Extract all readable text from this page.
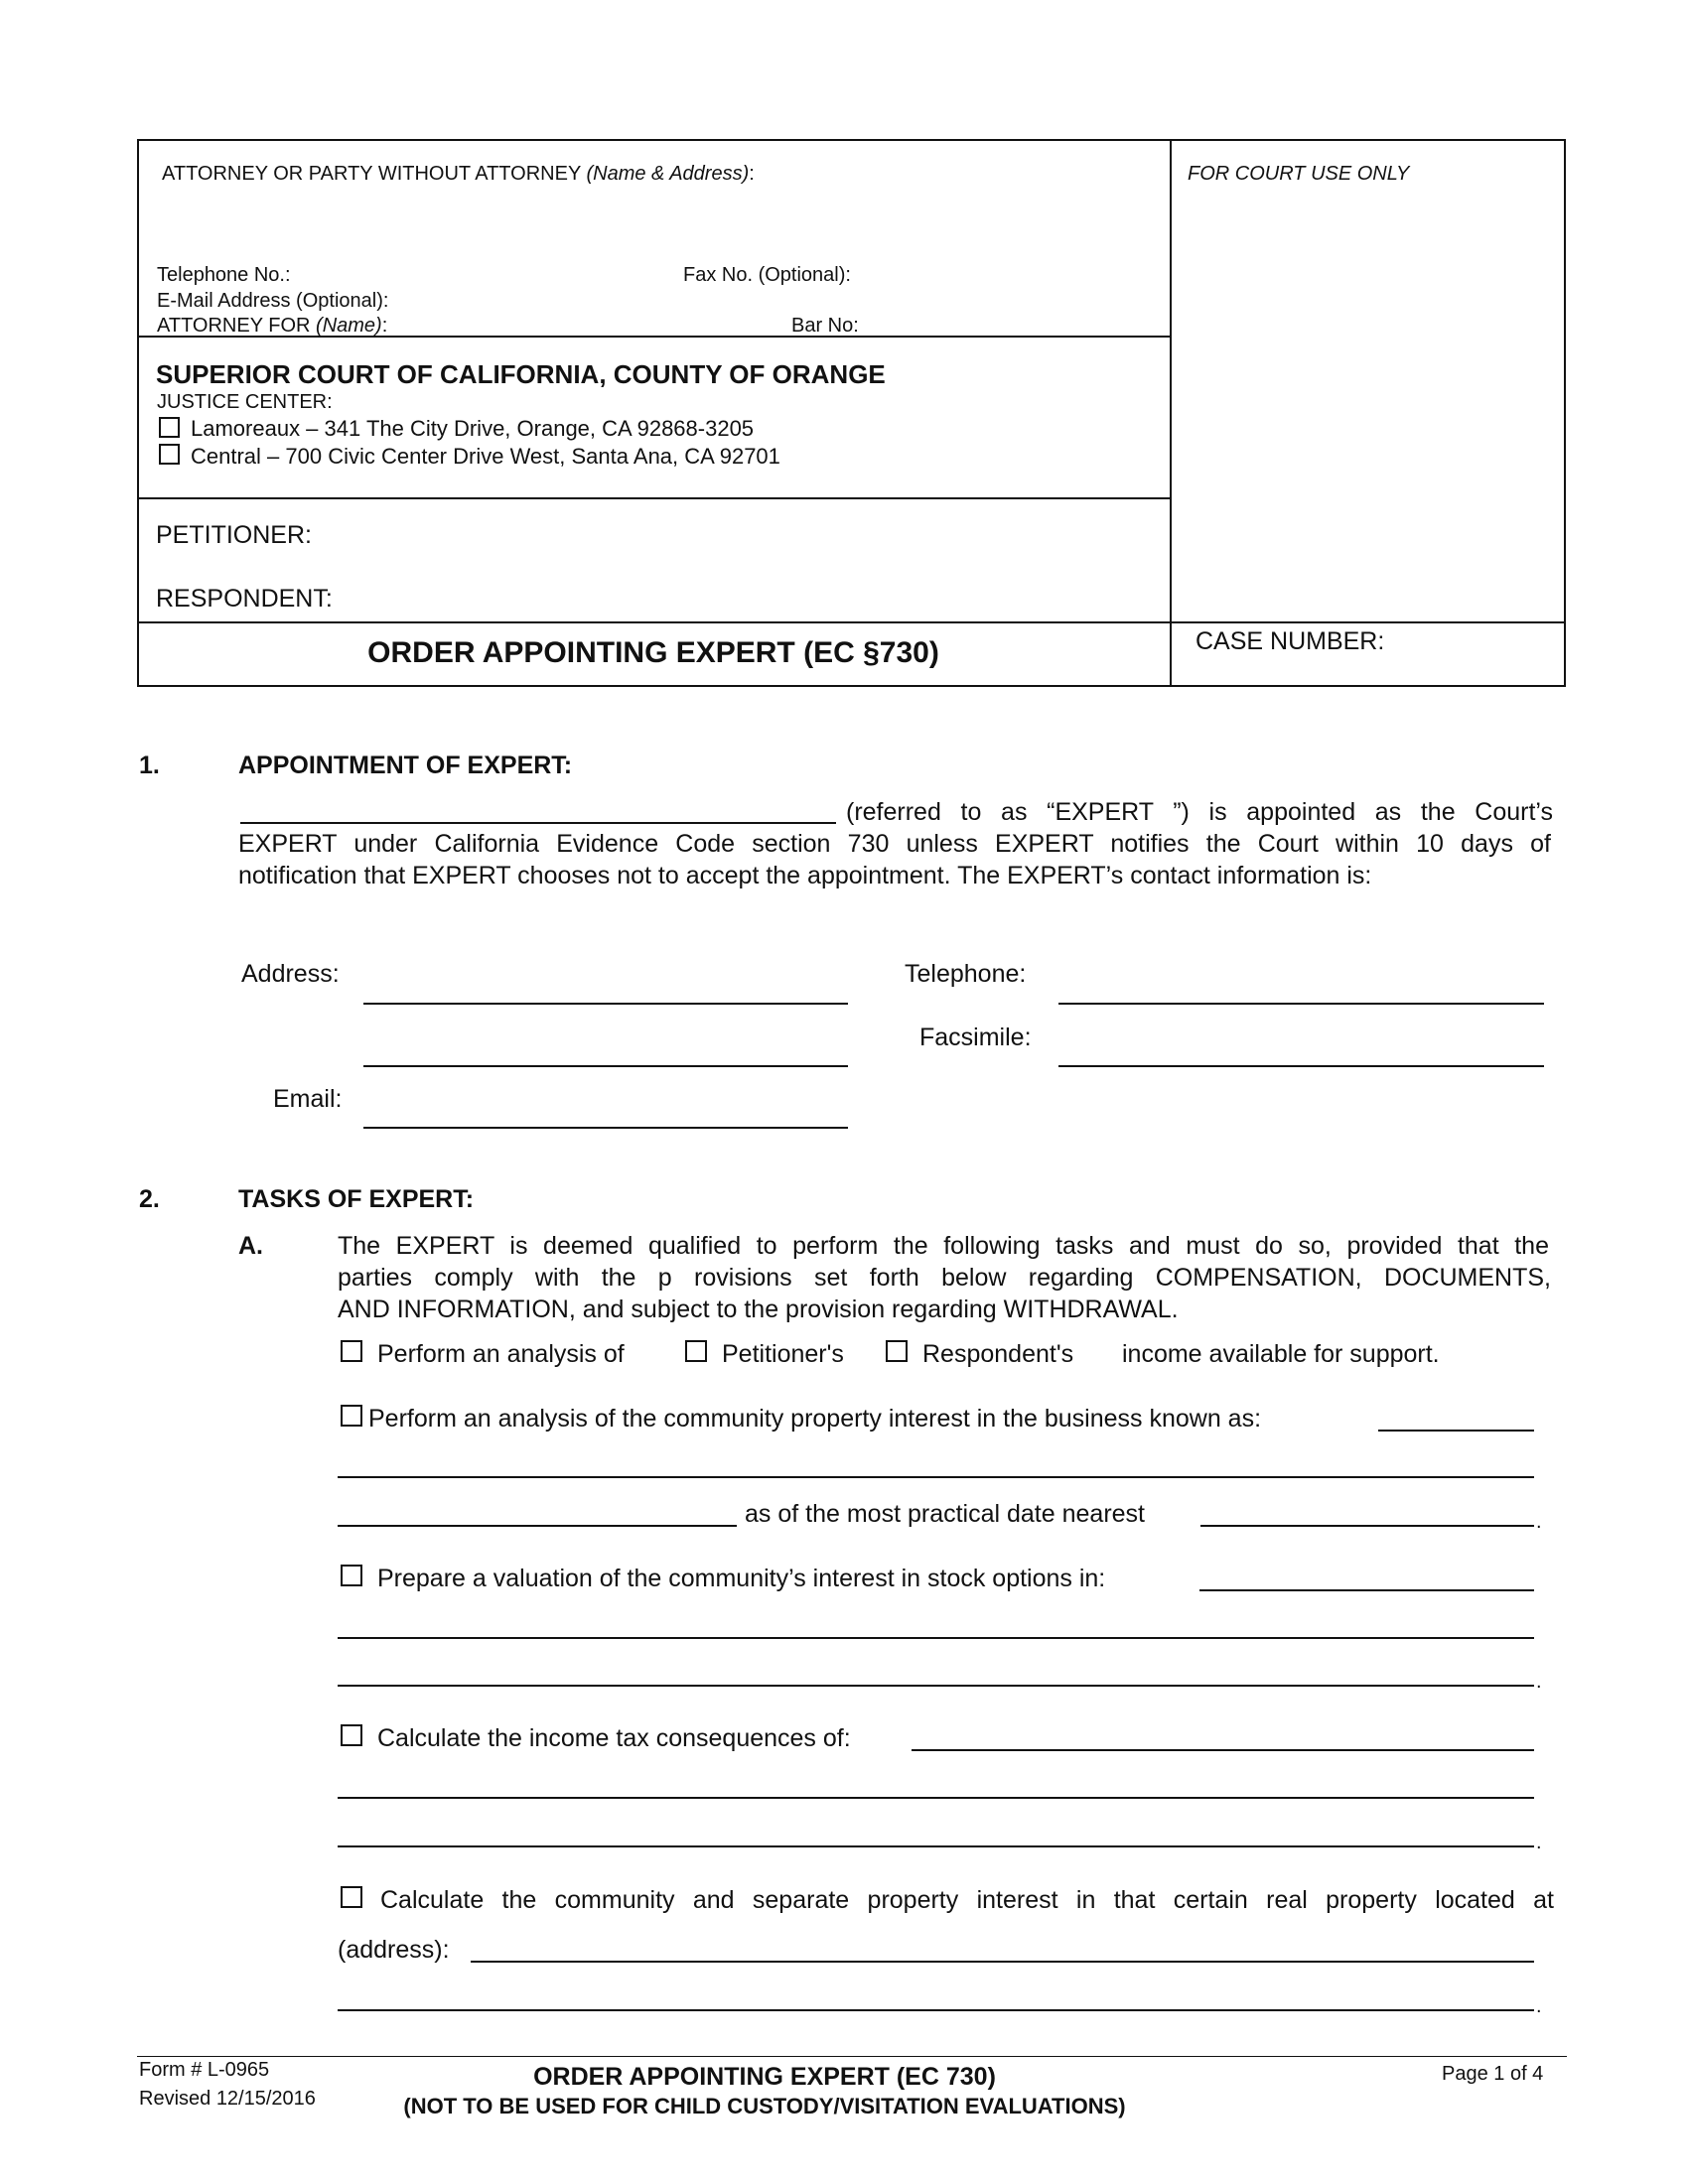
ATTORNEY OR PARTY WITHOUT ATTORNEY (Name & Address):	FOR COURT USE ONLY
Telephone No.:	Fax No. (Optional):
E-Mail Address (Optional):
ATTORNEY FOR (Name):	Bar No:
SUPERIOR COURT OF CALIFORNIA, COUNTY OF ORANGE
JUSTICE CENTER:
Lamoreaux – 341 The City Drive, Orange, CA 92868-3205
Central – 700 Civic Center Drive West, Santa Ana, CA 92701
PETITIONER:
RESPONDENT:
ORDER APPOINTING EXPERT (EC §730)	CASE NUMBER:
1.	APPOINTMENT OF EXPERT:
(referred to as “EXPERT ”) is appointed as the Court’s
EXPERT under California Evidence Code section 730 unless EXPERT notifies the Court within 10 days of
notification that EXPERT chooses not to accept the appointment. The EXPERT’s contact information is:
Address:	Telephone:
Facsimile:
Email:
2.	TASKS OF EXPERT:
A.	The EXPERT is deemed qualified to perform the following tasks and must do so, provided that the
parties comply with the p rovisions set forth below regarding COMPENSATION, DOCUMENTS,
AND INFORMATION, and subject to the provision regarding WITHDRAWAL.
Perform an analysis of	Petitioner's	Respondent's income available for support.
Perform an analysis of the community property interest in the business known as:
as of the most practical date nearest	.
Prepare a valuation of the community’s interest in stock options in:
.
Calculate the income tax consequences of:
.
Calculate the community and separate property interest in that certain real property located at
(address):
.
Form # L-0965
Revised 12/15/2016
ORDER APPOINTING EXPERT (EC 730)
(NOT TO BE USED FOR CHILD CUSTODY/VISITATION EVALUATIONS)
Page 1 of 4
